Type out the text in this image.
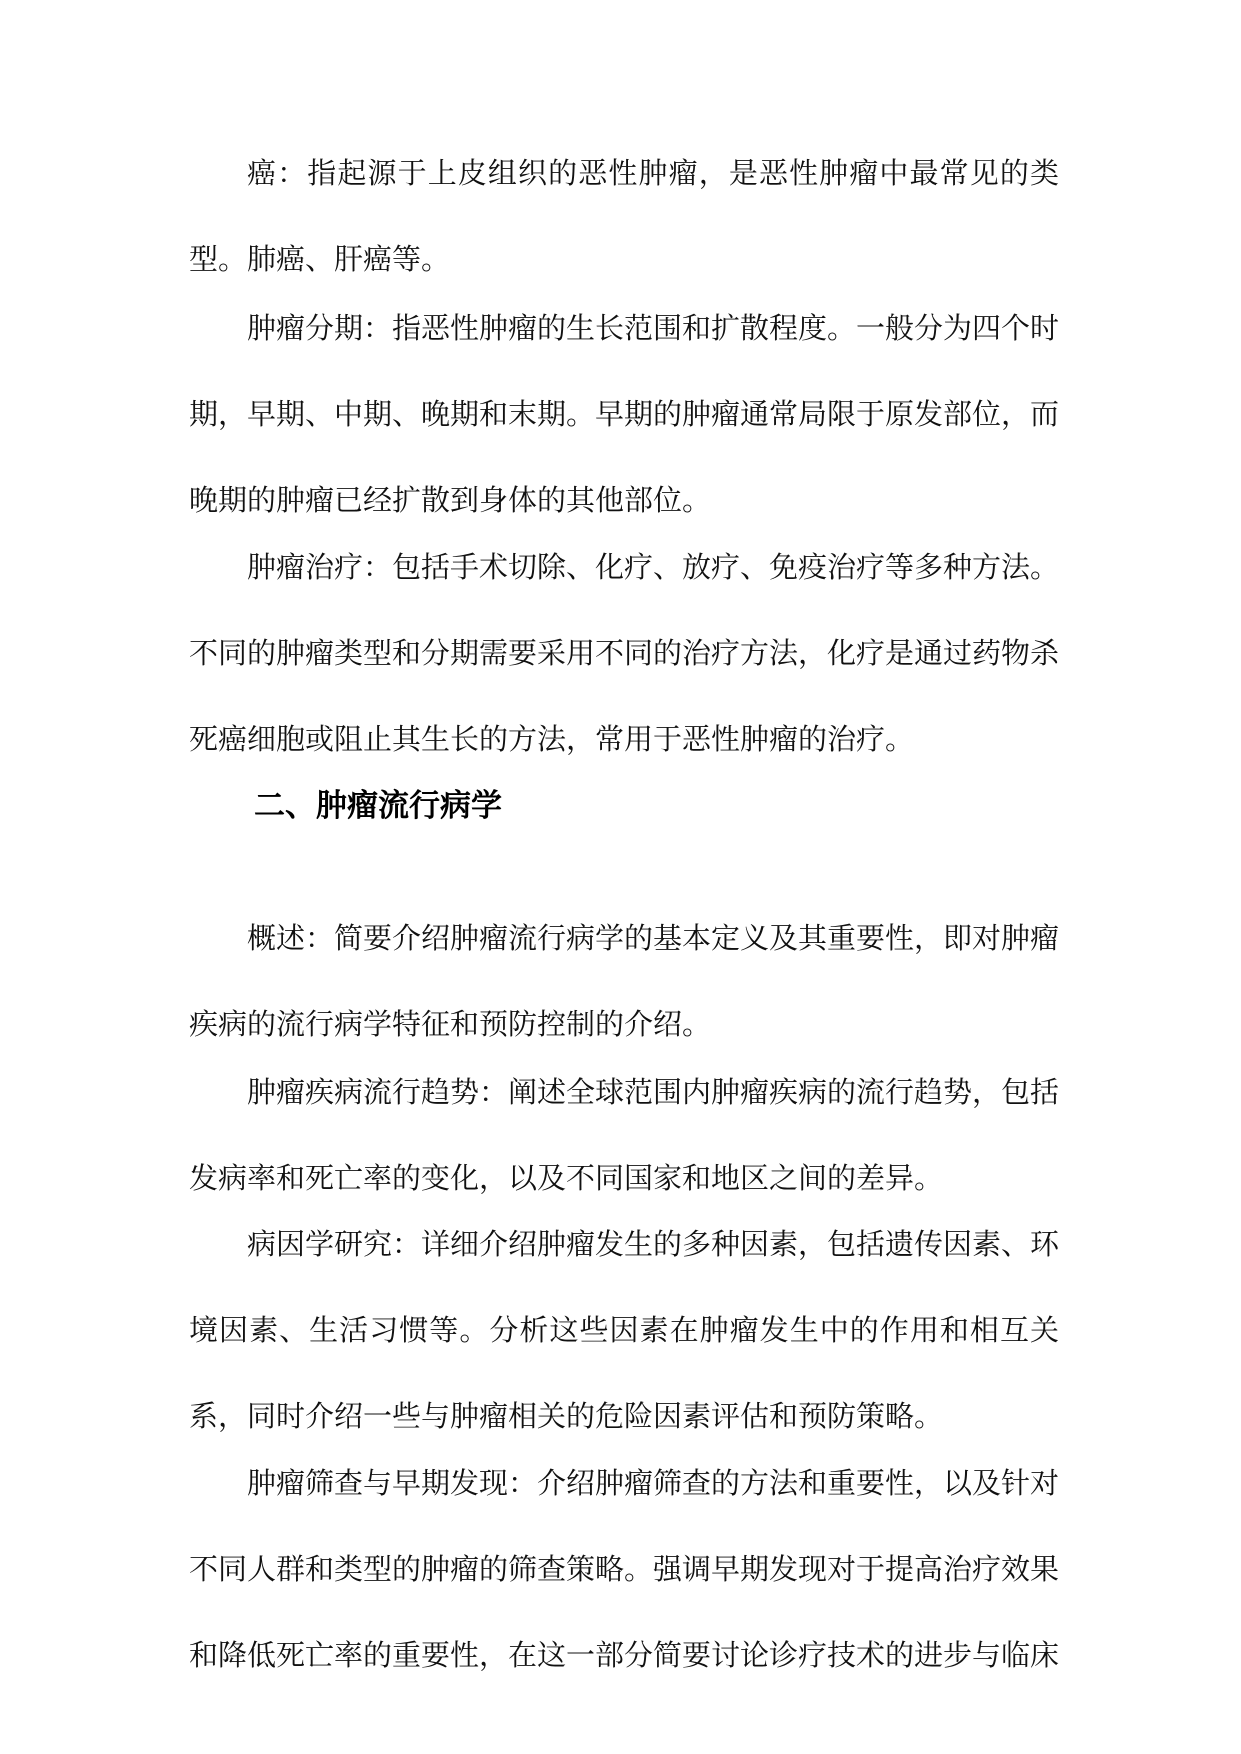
癌：指起源于上皮组织的恶性肿瘤，是恶性肿瘤中最常见的类型。肺癌、肝癌等。

肿瘤分期：指恶性肿瘤的生长范围和扩散程度。一般分为四个时期，早期、中期、晚期和末期。早期的肿瘤通常局限于原发部位，而晚期的肿瘤已经扩散到身体的其他部位。

肿瘤治疗：包括手术切除、化疗、放疗、免疫治疗等多种方法。不同的肿瘤类型和分期需要采用不同的治疗方法，化疗是通过药物杀死癌细胞或阻止其生长的方法，常用于恶性肿瘤的治疗。

二、肿瘤流行病学

概述：简要介绍肿瘤流行病学的基本定义及其重要性，即对肿瘤疾病的流行病学特征和预防控制的介绍。

肿瘤疾病流行趋势：阐述全球范围内肿瘤疾病的流行趋势，包括发病率和死亡率的变化，以及不同国家和地区之间的差异。

病因学研究：详细介绍肿瘤发生的多种因素，包括遗传因素、环境因素、生活习惯等。分析这些因素在肿瘤发生中的作用和相互关系，同时介绍一些与肿瘤相关的危险因素评估和预防策略。

肿瘤筛查与早期发现：介绍肿瘤筛查的方法和重要性，以及针对不同人群和类型的肿瘤的筛查策略。强调早期发现对于提高治疗效果和降低死亡率的重要性，在这一部分简要讨论诊疗技术的进步与临床
